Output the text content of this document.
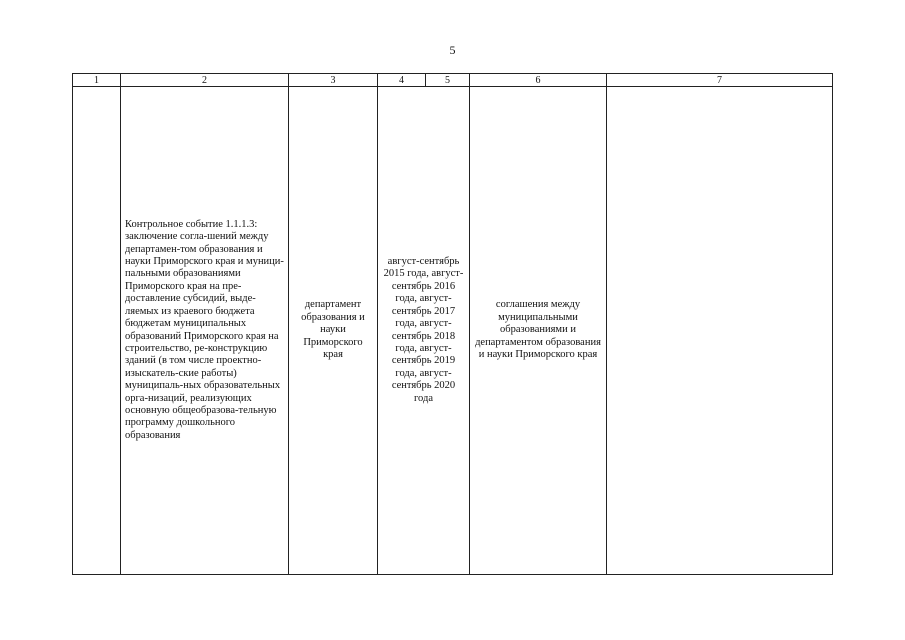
5
1	2	3	4	5	6	7
	Контрольное событие 1.1.1.3: заключение согла-шений между департамен-том образования и науки Приморского края и муници-пальными образованиями Приморского края на пре-доставление субсидий, выде-ляемых из краевого бюджета бюджетам муниципальных образований Приморского края на строительство, ре-конструкцию зданий (в том числе проектно-изыскатель-ские работы) муниципаль-ных образовательных орга-низаций, реализующих основную общеобразова-тельную программу дошкольного образования	департамент образования и науки Приморского края	август-сентябрь 2015 года, август-сентябрь 2016 года, август-сентябрь 2017 года, август-сентябрь 2018 года, август-сентябрь 2019 года, август-сентябрь 2020 года		соглашения между муниципальными образованиями и департаментом образования и науки Приморского края	
